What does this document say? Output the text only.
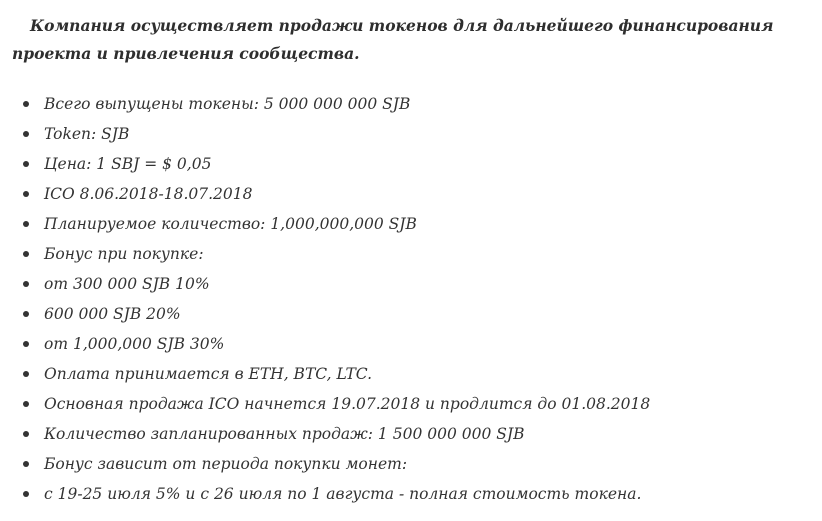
Компания осуществляет продажи токенов для дальнейшего финансирования проекта и привлечения сообщества.

Всего выпущены токены: 5 000 000 000 SJB
Token: SJB
Цена: 1 SBJ = $ 0,05
ICO 8.06.2018-18.07.2018
Планируемое количество: 1,000,000,000 SJB
Бонус при покупке:
от 300 000 SJB 10%
600 000 SJB 20%
от 1,000,000 SJB 30%
Оплата принимается в ETH, BTC, LTC.
Основная продажа ICO начнется 19.07.2018 и продлится до 01.08.2018
Количество запланированных продаж: 1 500 000 000 SJB
Бонус зависит от периода покупки монет:
с 19-25 июля 5% и с 26 июля по 1 августа - полная стоимость токена.
